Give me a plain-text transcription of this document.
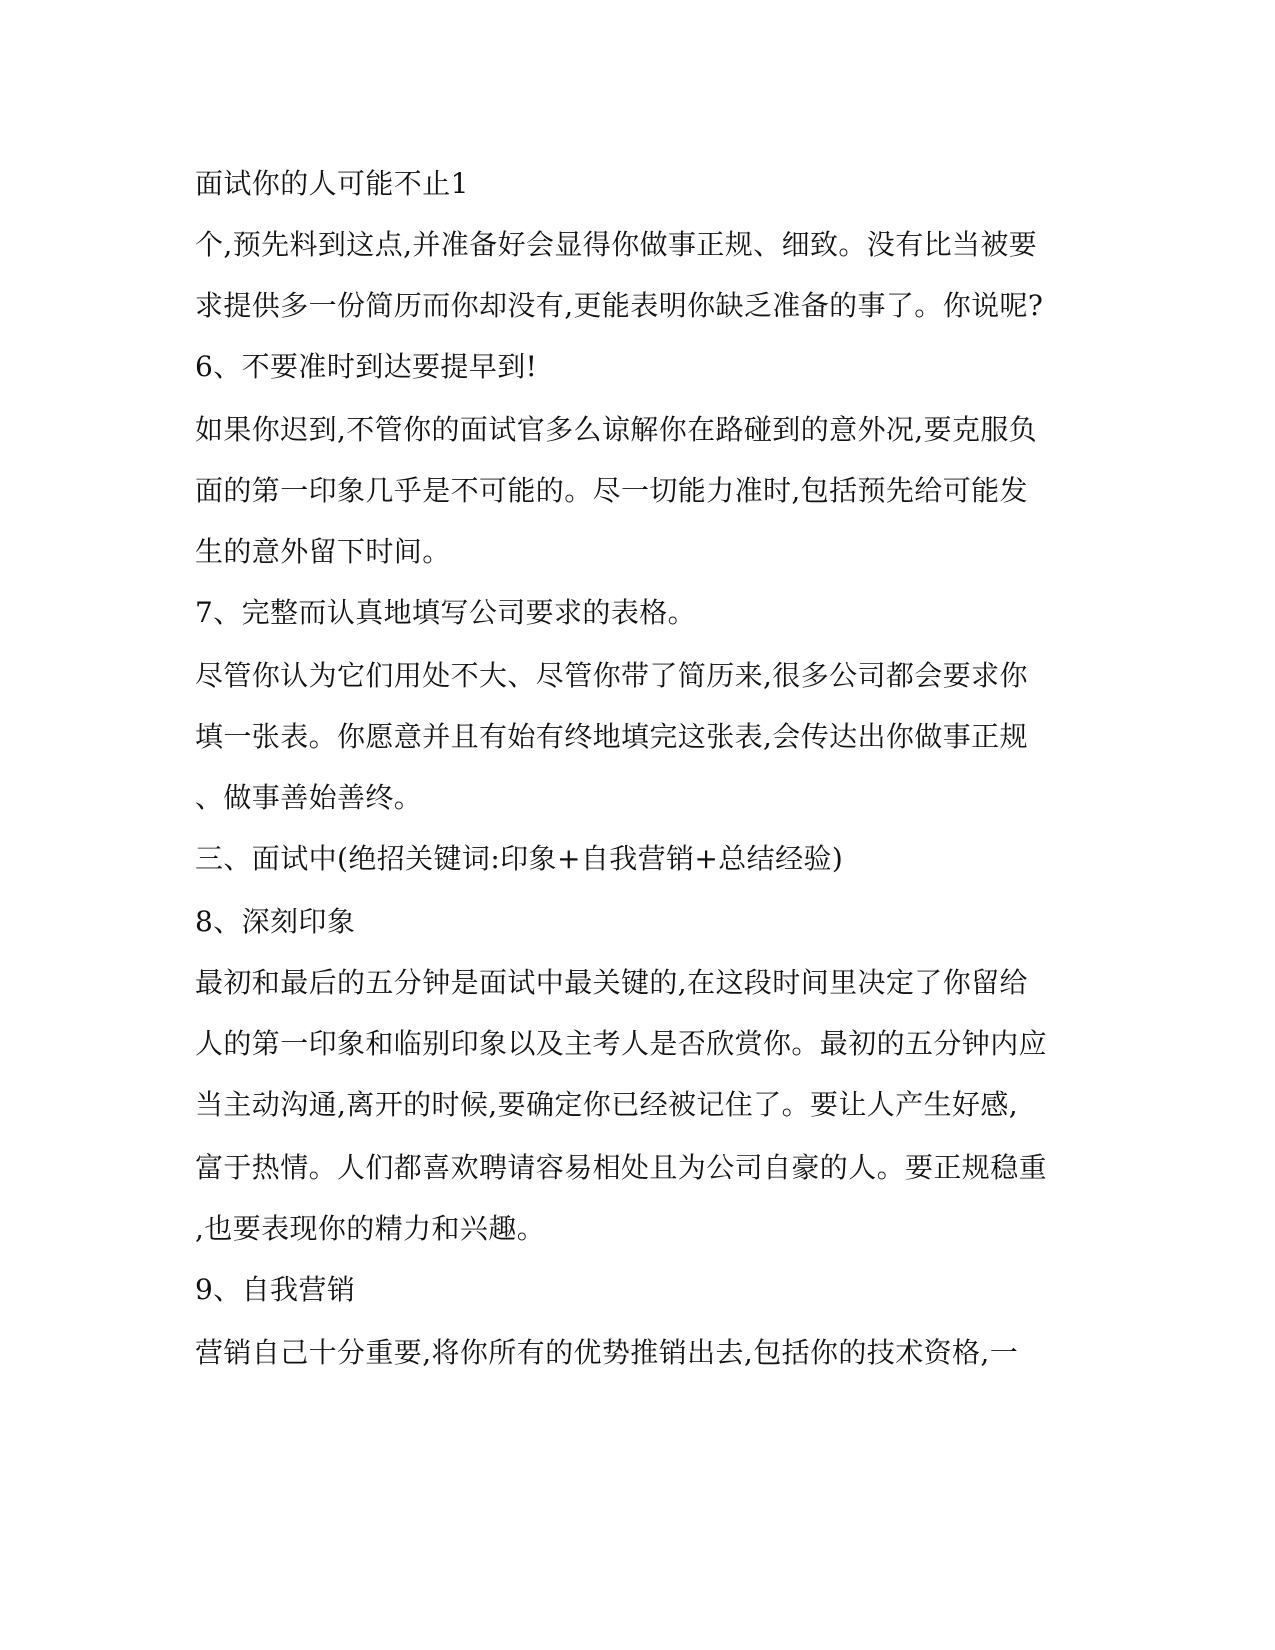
面试你的人可能不止1
个,预先料到这点,并准备好会显得你做事正规、细致。没有比当被要
求提供多一份简历而你却没有,更能表明你缺乏准备的事了。你说呢?
6、不要准时到达要提早到!
如果你迟到,不管你的面试官多么谅解你在路碰到的意外况,要克服负
面的第一印象几乎是不可能的。尽一切能力准时,包括预先给可能发
生的意外留下时间。
7、完整而认真地填写公司要求的表格。
尽管你认为它们用处不大、尽管你带了简历来,很多公司都会要求你
填一张表。你愿意并且有始有终地填完这张表,会传达出你做事正规
、做事善始善终。
三、面试中(绝招关键词:印象+自我营销+总结经验)
8、深刻印象
最初和最后的五分钟是面试中最关键的,在这段时间里决定了你留给
人的第一印象和临别印象以及主考人是否欣赏你。最初的五分钟内应
当主动沟通,离开的时候,要确定你已经被记住了。要让人产生好感,
富于热情。人们都喜欢聘请容易相处且为公司自豪的人。要正规稳重
,也要表现你的精力和兴趣。
9、自我营销
营销自己十分重要,将你所有的优势推销出去,包括你的技术资格,一
